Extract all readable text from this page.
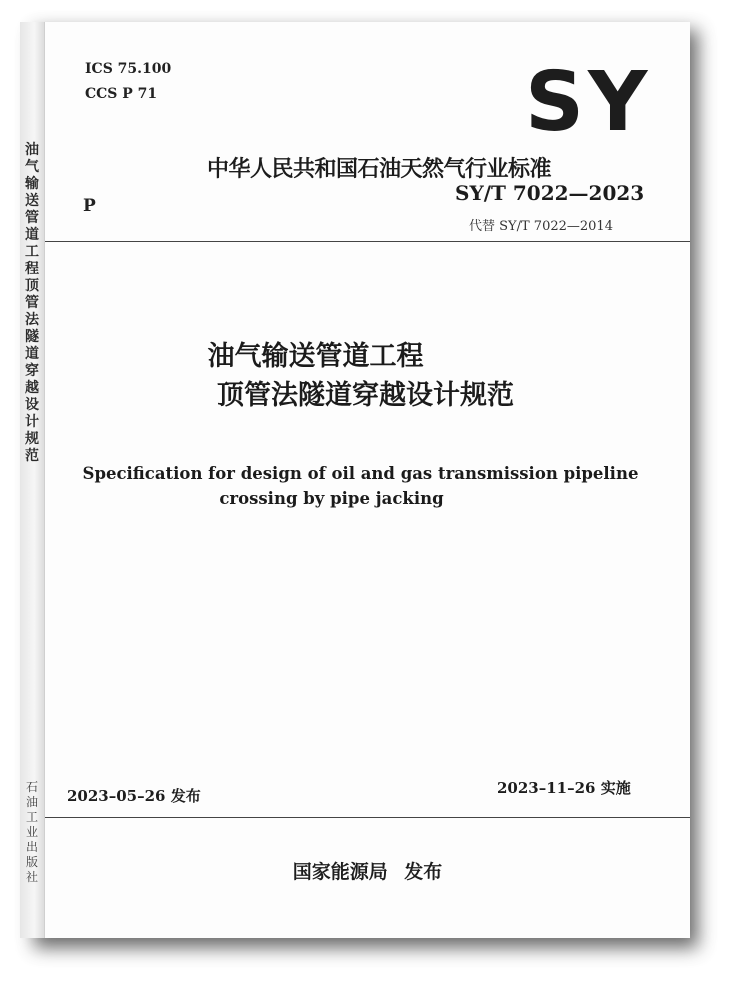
油气输送管道工程顶管法隧道穿越设计规范
石油工业出版社
ICS 75.100
CCS P 71	SY
中华人民共和国石油天然气行业标准
P
SY/T 7022—2023
代替 SY/T 7022—2014
油气输送管道工程
顶管法隧道穿越设计规范
Specification for design of oil and gas transmission pipeline
crossing by pipe jacking
2023–05–26 发布	2023–11–26 实施
国家能源局 发布
